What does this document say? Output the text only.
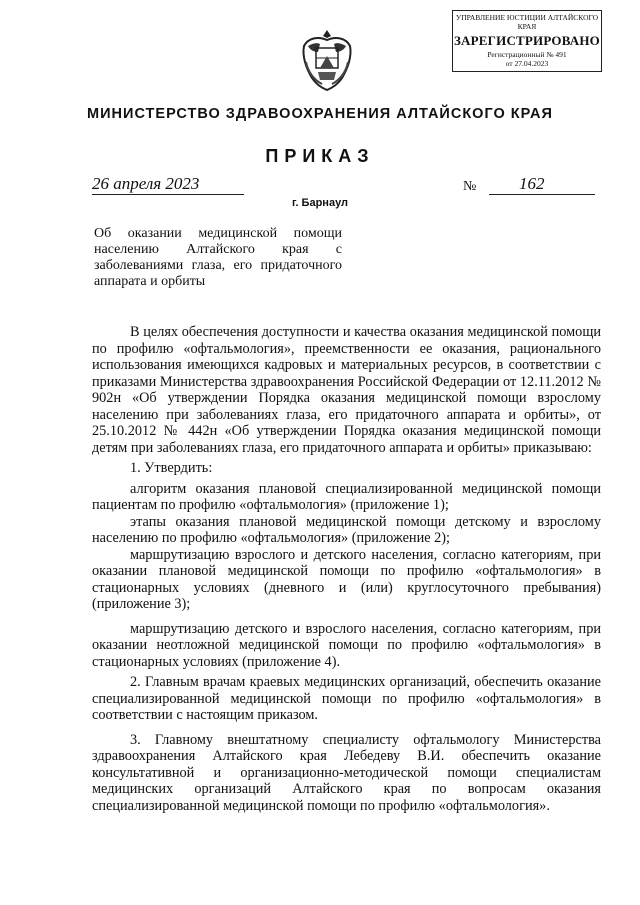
УПРАВЛЕНИЕ ЮСТИЦИИ АЛТАЙСКОГО КРАЯ
ЗАРЕГИСТРИРОВАНО
Регистрационный № 491
от 27.04.2023
МИНИСТЕРСТВО ЗДРАВООХРАНЕНИЯ АЛТАЙСКОГО КРАЯ
ПРИКАЗ
26 апреля 2023	№	162
г. Барнаул
Об оказании медицинской помощи населению Алтайского края с заболеваниями глаза, его придаточного аппарата и орбиты

В целях обеспечения доступности и качества оказания медицинской помощи по профилю «офтальмология», преемственности ее оказания, рационального использования имеющихся кадровых и материальных ресурсов, в соответствии с приказами Министерства здравоохранения Российской Федерации от 12.11.2012 № 902н «Об утверждении Порядка оказания медицинской помощи взрослому населению при заболеваниях глаза, его придаточного аппарата и орбиты», от 25.10.2012 № 442н «Об утверждении Порядка оказания медицинской помощи детям при заболеваниях глаза, его придаточного аппарата и орбиты» приказываю:

1. Утвердить:

алгоритм оказания плановой специализированной медицинской помощи пациентам по профилю «офтальмология» (приложение 1);

этапы оказания плановой медицинской помощи детскому и взрослому населению по профилю «офтальмология» (приложение 2);

маршрутизацию взрослого и детского населения, согласно категориям, при оказании плановой медицинской помощи по профилю «офтальмология» в стационарных условиях (дневного и (или) круглосуточного пребывания) (приложение 3);

маршрутизацию детского и взрослого населения, согласно категориям, при оказании неотложной медицинской помощи по профилю «офтальмология» в стационарных условиях (приложение 4).

2. Главным врачам краевых медицинских организаций, обеспечить оказание специализированной медицинской помощи по профилю «офтальмология» в соответствии с настоящим приказом.

3. Главному внештатному специалисту офтальмологу Министерства здравоохранения Алтайского края Лебедеву В.И. обеспечить оказание консультативной и организационно-методической помощи специалистам медицинских организаций Алтайского края по вопросам оказания специализированной медицинской помощи по профилю «офтальмология».
